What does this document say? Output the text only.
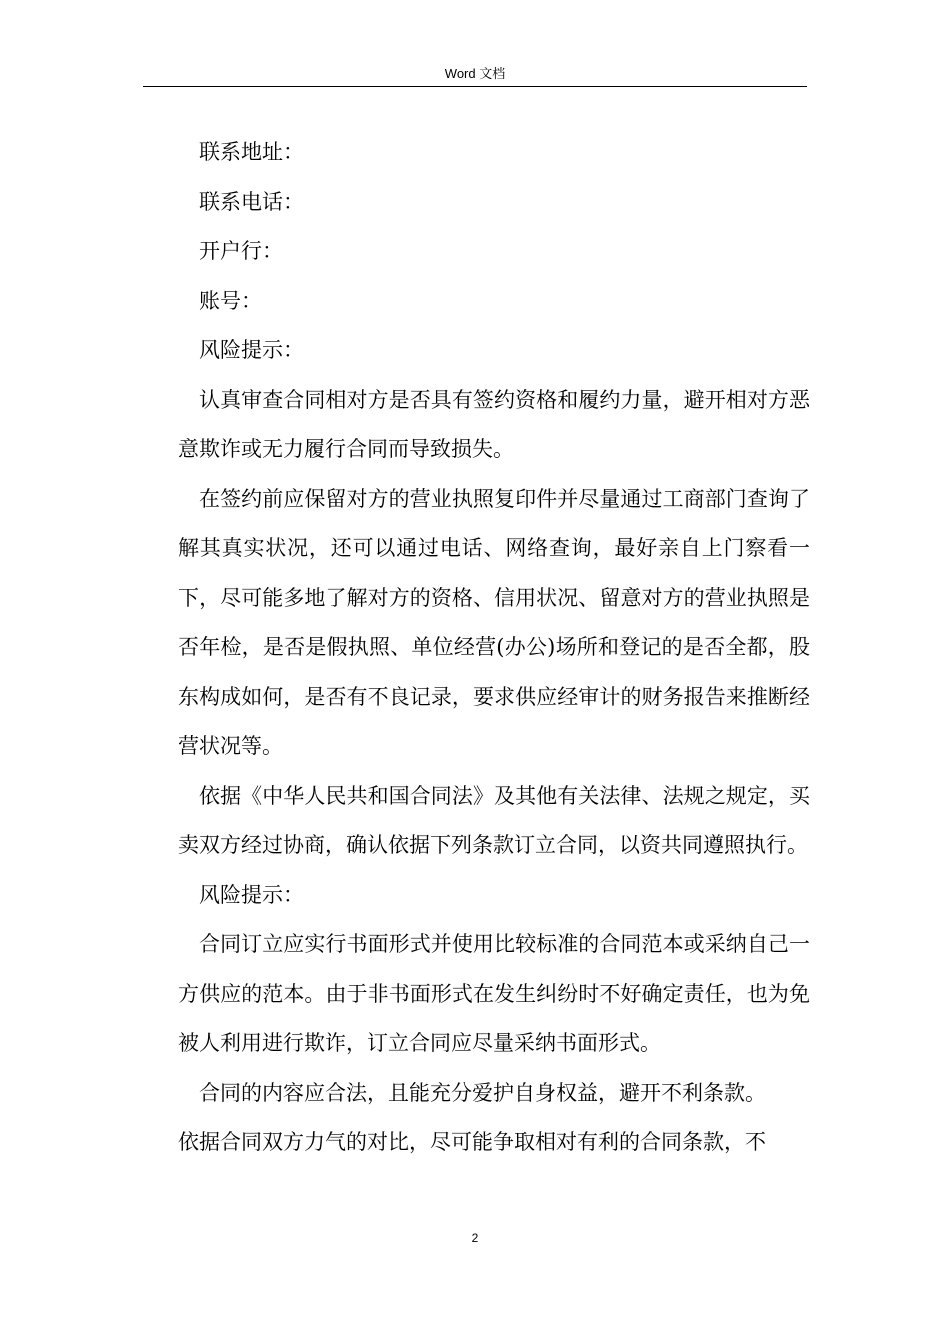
Word 文档

联系地址：

联系电话：

开户行：

账号：

风险提示：

认真审查合同相对方是否具有签约资格和履约力量，避开相对方恶意欺诈或无力履行合同而导致损失。

在签约前应保留对方的营业执照复印件并尽量通过工商部门查询了解其真实状况，还可以通过电话、网络查询，最好亲自上门察看一下，尽可能多地了解对方的资格、信用状况、留意对方的营业执照是否年检，是否是假执照、单位经营(办公)场所和登记的是否全都，股东构成如何，是否有不良记录，要求供应经审计的财务报告来推断经营状况等。

依据《中华人民共和国合同法》及其他有关法律、法规之规定，买卖双方经过协商，确认依据下列条款订立合同，以资共同遵照执行。

风险提示：

合同订立应实行书面形式并使用比较标准的合同范本或采纳自己一方供应的范本。由于非书面形式在发生纠纷时不好确定责任，也为免被人利用进行欺诈，订立合同应尽量采纳书面形式。

合同的内容应合法，且能充分爱护自身权益，避开不利条款。

依据合同双方力气的对比，尽可能争取相对有利的合同条款，不

2
